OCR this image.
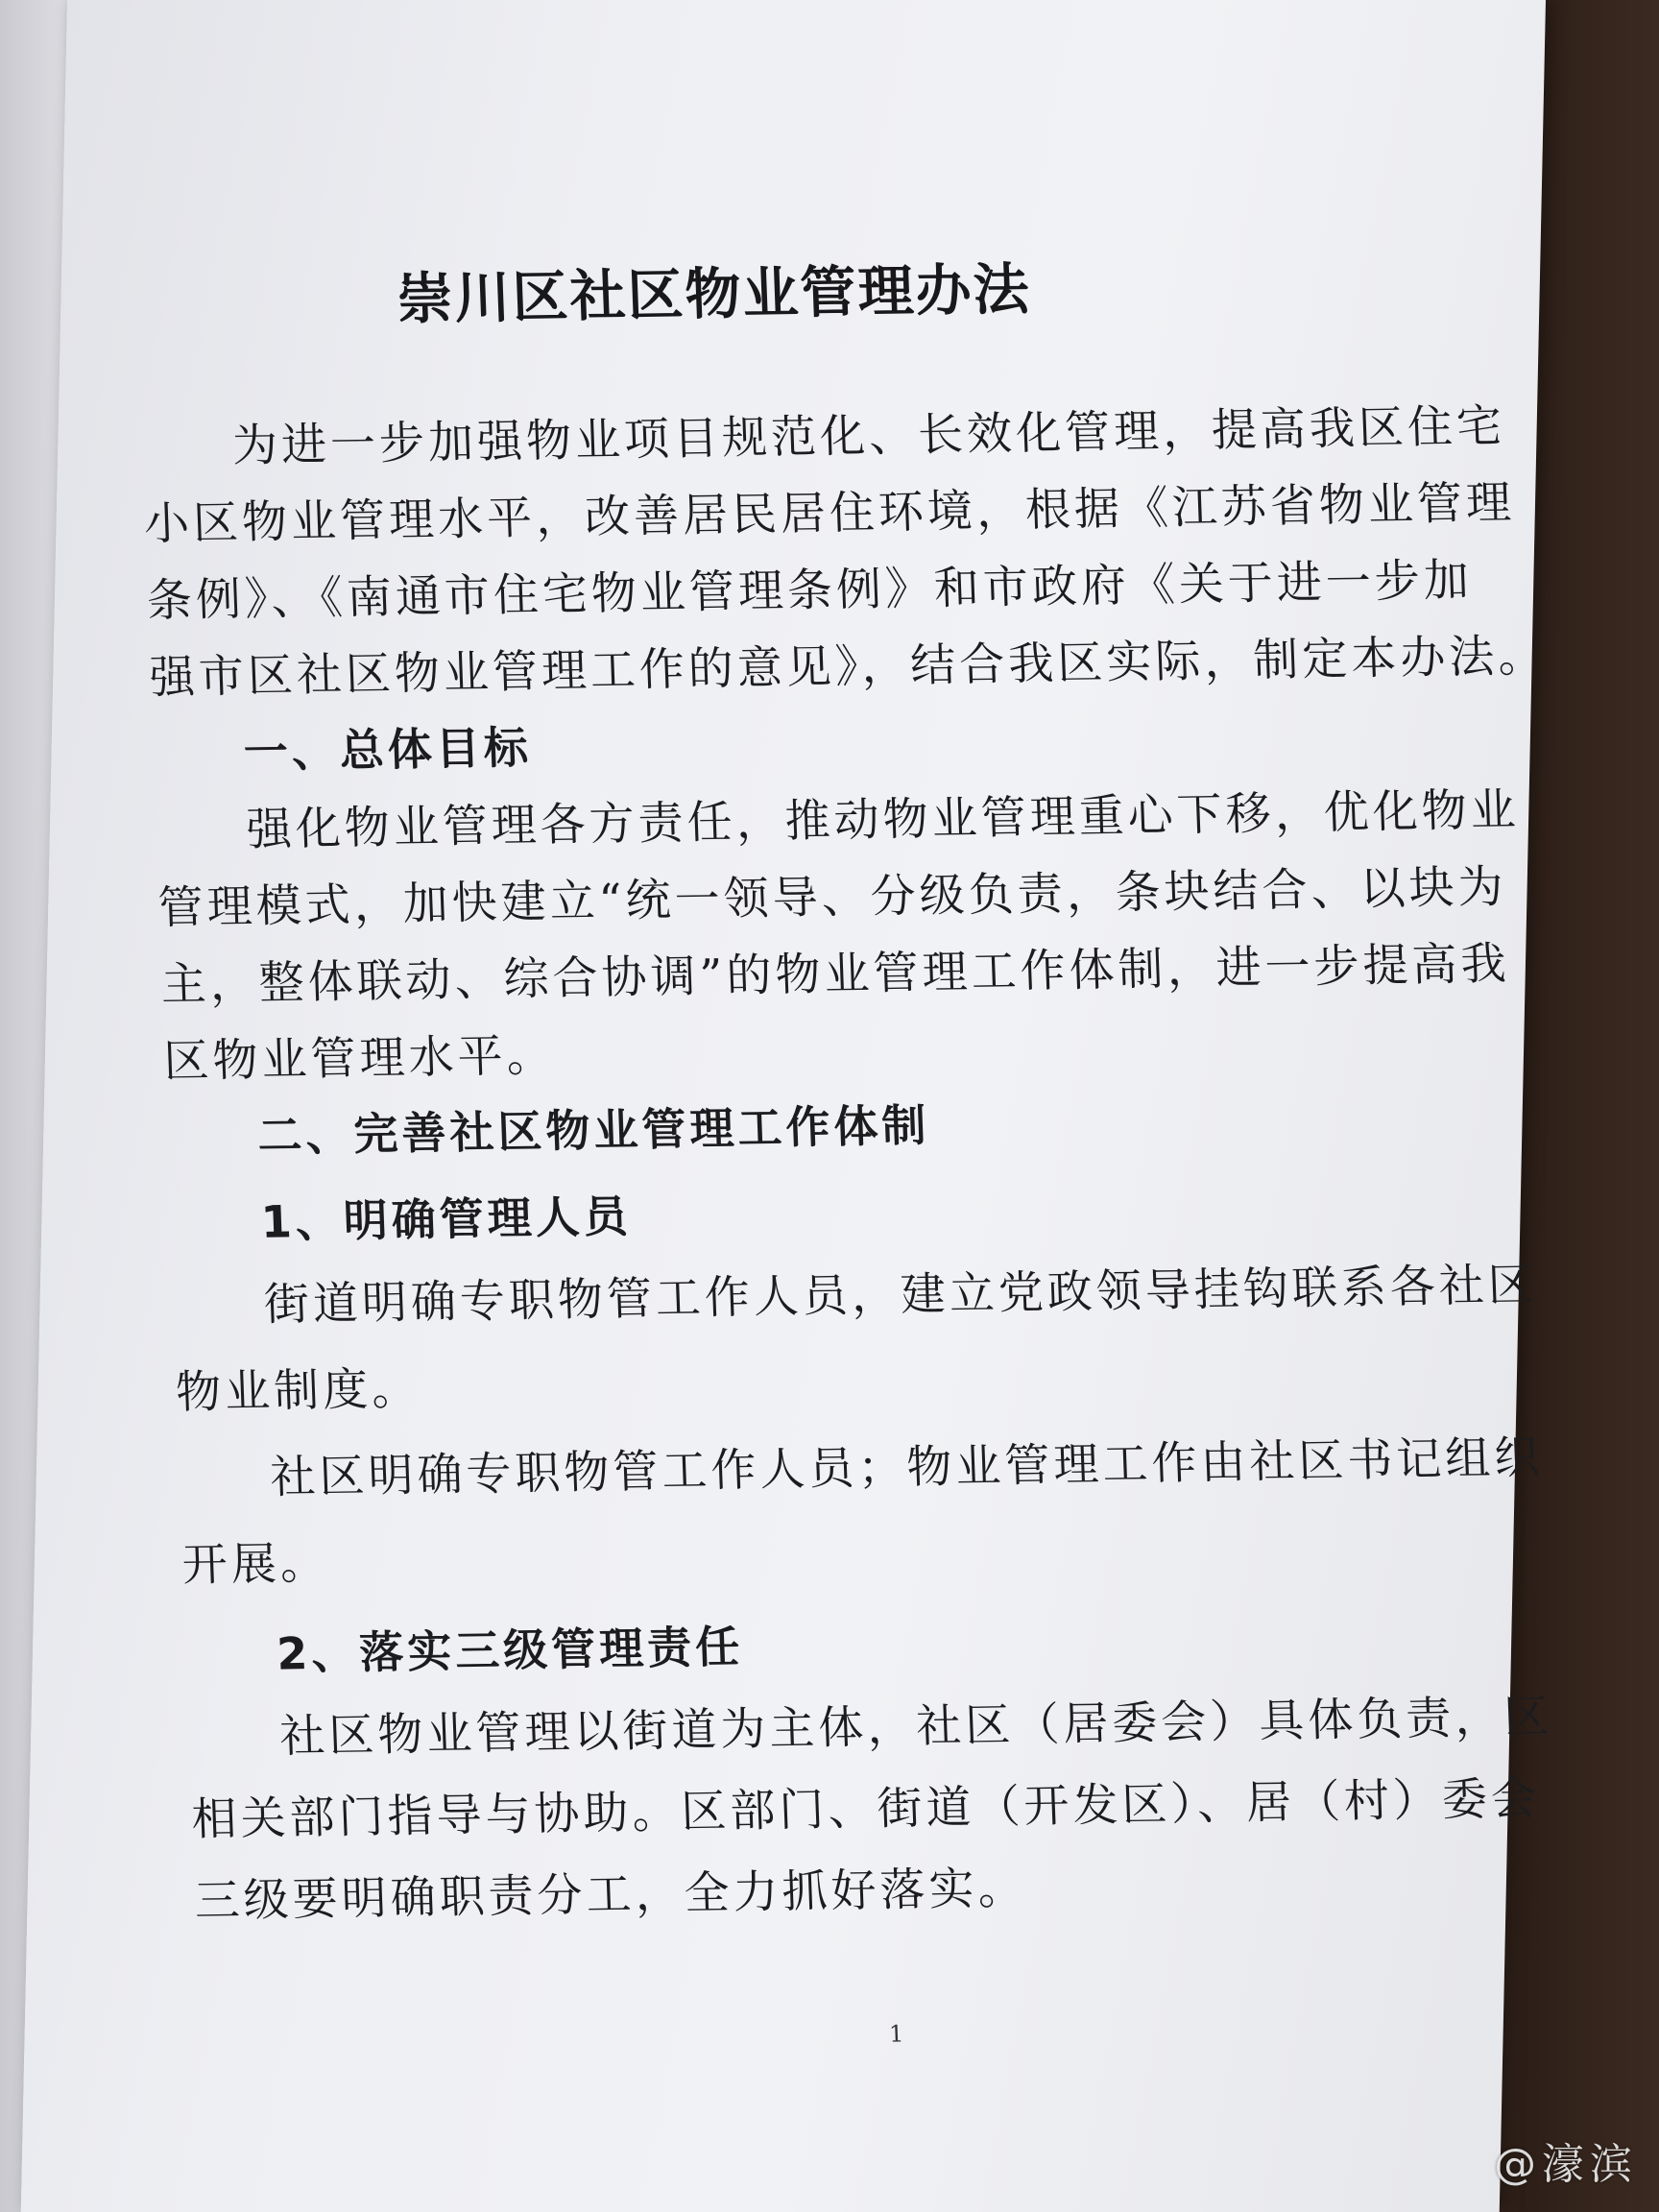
崇川区社区物业管理办法
为进一步加强物业项目规范化、长效化管理，提高我区住宅
小区物业管理水平，改善居民居住环境，根据《江苏省物业管理
条例》、《南通市住宅物业管理条例》和市政府《关于进一步加
强市区社区物业管理工作的意见》，结合我区实际，制定本办法。
一、总体目标
强化物业管理各方责任，推动物业管理重心下移，优化物业
管理模式，加快建立“统一领导、分级负责，条块结合、以块为
主，整体联动、综合协调”的物业管理工作体制，进一步提高我
区物业管理水平。
二、完善社区物业管理工作体制
1、明确管理人员
街道明确专职物管工作人员，建立党政领导挂钩联系各社区
物业制度。
社区明确专职物管工作人员；物业管理工作由社区书记组织
开展。
2、落实三级管理责任
社区物业管理以街道为主体，社区（居委会）具体负责，区
相关部门指导与协助。区部门、街道（开发区）、居（村）委会
三级要明确职责分工，全力抓好落实。
1
@濠滨
